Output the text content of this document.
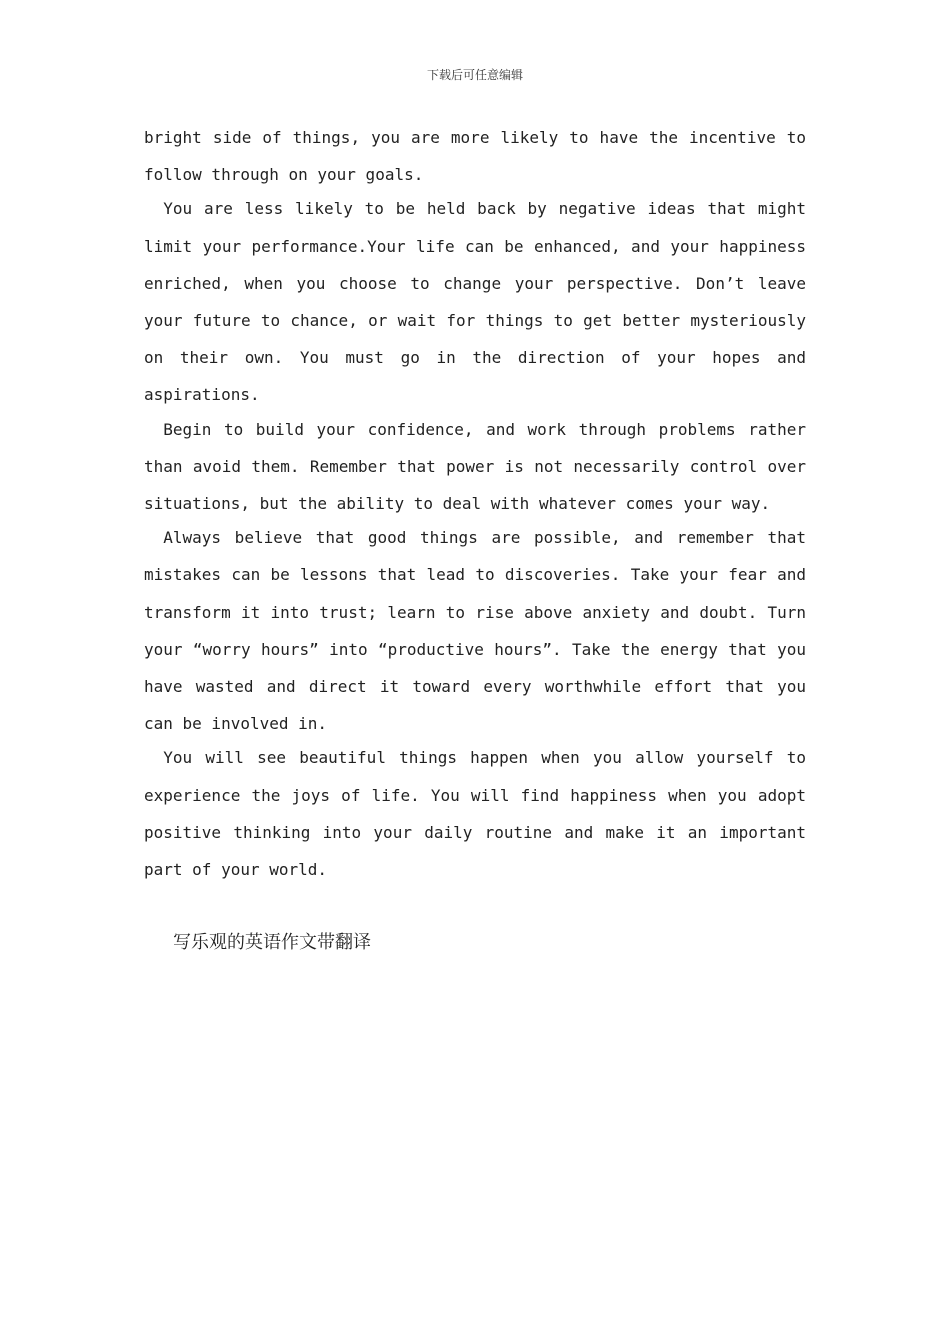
下载后可任意编辑

bright side of things, you are more likely to have the incentive to follow through on your goals.

You are less likely to be held back by negative ideas that might limit your performance.Your life can be enhanced, and your happiness enriched, when you choose to change your perspective. Don’t leave your future to chance, or wait for things to get better mysteriously on their own. You must go in the direction of your hopes and aspirations.

Begin to build your confidence, and work through problems rather than avoid them. Remember that power is not necessarily control over situations, but the ability to deal with whatever comes your way.

Always believe that good things are possible, and remember that mistakes can be lessons that lead to discoveries. Take your fear and transform it into trust; learn to rise above anxiety and doubt. Turn your “worry hours” into “productive hours”. Take the energy that you have wasted and direct it toward every worthwhile effort that you can be involved in.

You will see beautiful things happen when you allow yourself to experience the joys of life. You will find happiness when you adopt positive thinking into your daily routine and make it an important part of your world.

写乐观的英语作文带翻译
